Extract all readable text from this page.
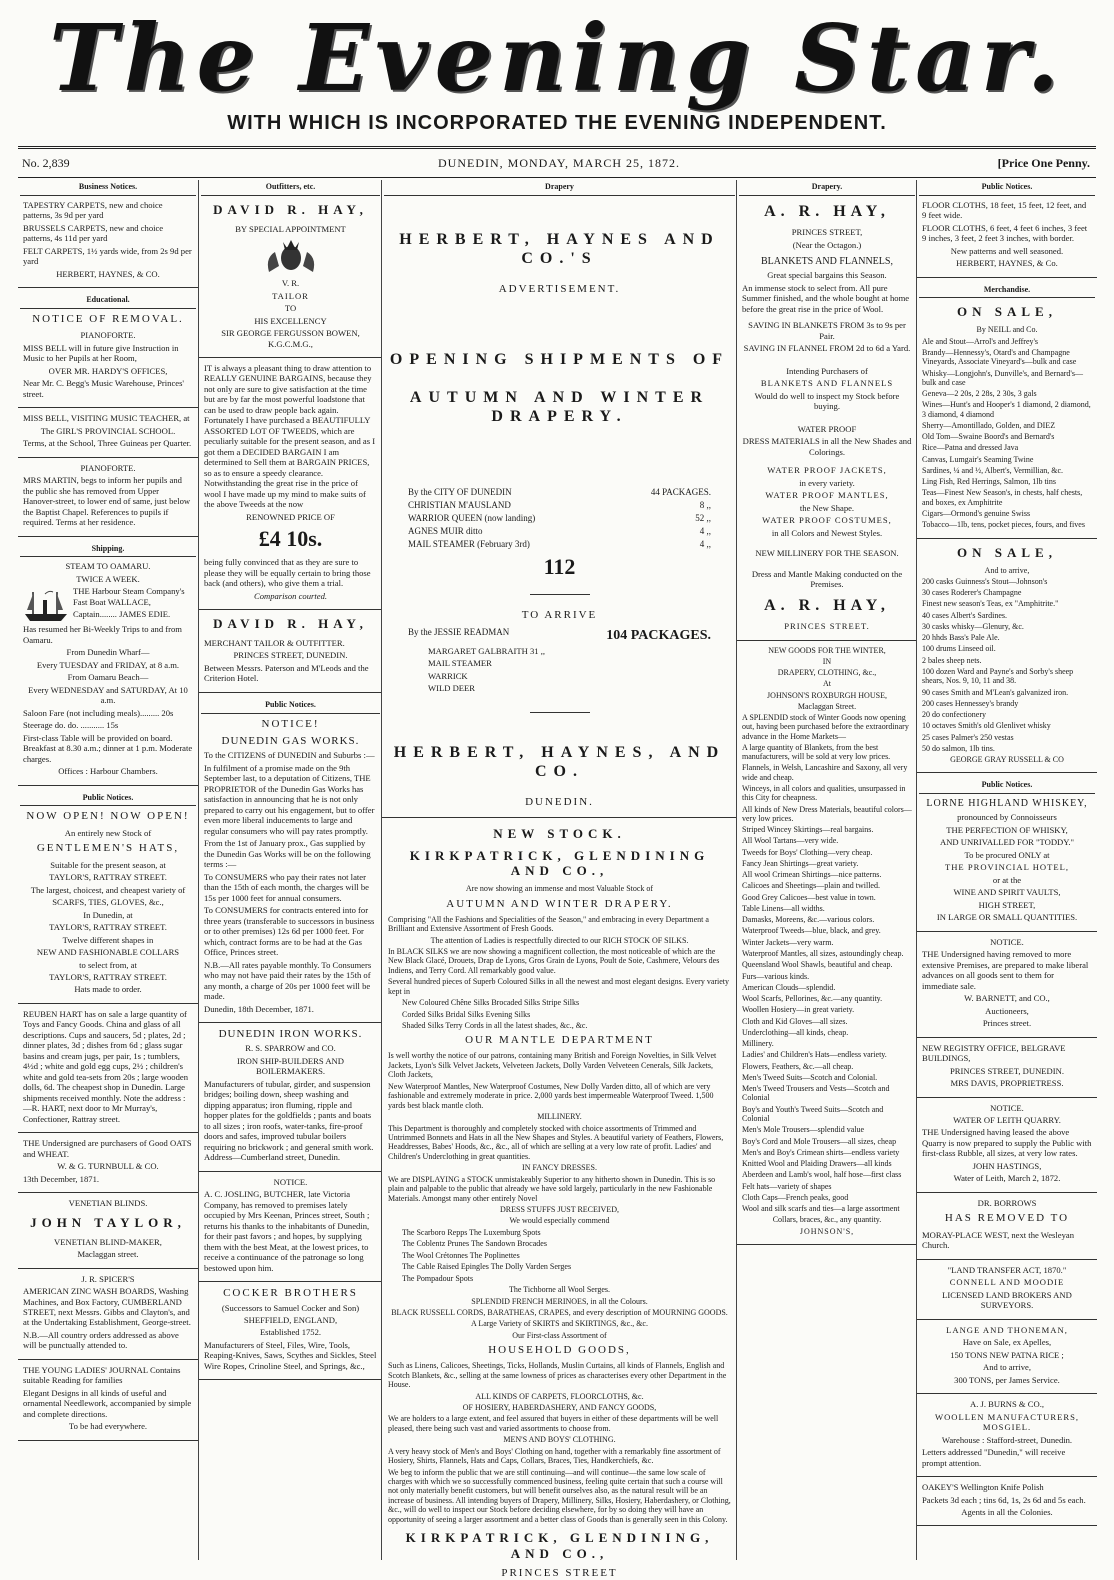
The Evening Star.
WITH WHICH IS INCORPORATED THE EVENING INDEPENDENT.
No. 2,839	DUNEDIN, MONDAY, MARCH 25, 1872.	[Price One Penny.
Business Notices.

TAPESTRY CARPETS, new and choice patterns, 3s 9d per yard

BRUSSELS CARPETS, new and choice patterns, 4s 11d per yard

FELT CARPETS, 1½ yards wide, from 2s 9d per yard

HERBERT, HAYNES, & CO.

Educational.

NOTICE OF REMOVAL.

PIANOFORTE.

MISS BELL will in future give Instruction in Music to her Pupils at her Room,

OVER MR. HARDY'S OFFICES,

Near Mr. C. Begg's Music Warehouse, Princes' street.

MISS BELL, VISITING MUSIC TEACHER, at

The GIRL'S PROVINCIAL SCHOOL.

Terms, at the School, Three Guineas per Quarter.

PIANOFORTE.

MRS MARTIN, begs to inform her pupils and the public she has removed from Upper Hanover-street, to lower end of same, just below the Baptist Chapel. References to pupils if required. Terms at her residence.

Shipping.

STEAM TO OAMARU.

TWICE A WEEK.

THE Harbour Steam Company's Fast Boat WALLACE,

Captain........ JAMES EDIE.

Has resumed her Bi-Weekly Trips to and from Oamaru.

From Dunedin Wharf—

Every TUESDAY and FRIDAY, at 8 a.m.

From Oamaru Beach—

Every WEDNESDAY and SATURDAY, At 10 a.m.

Saloon Fare (not including meals)......... 20s

Steerage do. do. ........... 15s

First-class Table will be provided on board. Breakfast at 8.30 a.m.; dinner at 1 p.m. Moderate charges.

Offices : Harbour Chambers.

Public Notices.

NOW OPEN! NOW OPEN!

An entirely new Stock of

GENTLEMEN'S HATS,

Suitable for the present season, at

TAYLOR'S, RATTRAY STREET.

The largest, choicest, and cheapest variety of

SCARFS, TIES, GLOVES, &c.,

In Dunedin, at

TAYLOR'S, RATTRAY STREET.

Twelve different shapes in

NEW AND FASHIONABLE COLLARS

to select from, at

TAYLOR'S, RATTRAY STREET.

Hats made to order.

REUBEN HART has on sale a large quantity of Toys and Fancy Goods. China and glass of all descriptions. Cups and saucers, 5d ; plates, 2d ; dinner plates, 3d ; dishes from 6d ; glass sugar basins and cream jugs, per pair, 1s ; tumblers, 4½d ; white and gold egg cups, 2½ ; children's white and gold tea-sets from 20s ; large wooden dolls, 6d. The cheapest shop in Dunedin. Large shipments received monthly. Note the address :—R. HART, next door to Mr Murray's, Confectioner, Rattray street.

THE Undersigned are purchasers of Good OATS and WHEAT.

W. & G. TURNBULL & CO.

13th December, 1871.

VENETIAN BLINDS.

JOHN TAYLOR,

VENETIAN BLIND-MAKER,

Maclaggan street.

J. R. SPICER'S

AMERICAN ZINC WASH BOARDS, Washing Machines, and Box Factory, CUMBERLAND STREET, next Messrs. Gibbs and Clayton's, and at the Undertaking Establishment, George-street.

N.B.—All country orders addressed as above will be punctually attended to.

THE YOUNG LADIES' JOURNAL Contains suitable Reading for families

Elegant Designs in all kinds of useful and ornamental Needlework, accompanied by simple and complete directions.

To be had everywhere.

Outfitters, etc.

DAVID R. HAY,

BY SPECIAL APPOINTMENT

V. R.

TAILOR

TO

HIS EXCELLENCY

SIR GEORGE FERGUSSON BOWEN, K.G.C.M.G.,

IT is always a pleasant thing to draw attention to REALLY GENUINE BARGAINS, because they not only are sure to give satisfaction at the time but are by far the most powerful loadstone that can be used to draw people back again. Fortunately I have purchased a BEAUTIFULLY ASSORTED LOT OF TWEEDS, which are peculiarly suitable for the present season, and as I got them a DECIDED BARGAIN I am determined to Sell them at BARGAIN PRICES, so as to ensure a speedy clearance. Notwithstanding the great rise in the price of wool I have made up my mind to make suits of the above Tweeds at the now

RENOWNED PRICE OF

£4 10s.

being fully convinced that as they are sure to please they will be equally certain to bring those back (and others), who give them a trial.

Comparison courted.

DAVID R. HAY,

MERCHANT TAILOR & OUTFITTER.

PRINCES STREET, DUNEDIN.

Between Messrs. Paterson and M'Leods and the Criterion Hotel.

Public Notices.

NOTICE!

DUNEDIN GAS WORKS.

To the CITIZENS of DUNEDIN and Suburbs :—

In fulfilment of a promise made on the 9th September last, to a deputation of Citizens, THE PROPRIETOR of the Dunedin Gas Works has satisfaction in announcing that he is not only prepared to carry out his engagement, but to offer even more liberal inducements to large and regular consumers who will pay rates promptly.

From the 1st of January prox., Gas supplied by the Dunedin Gas Works will be on the following terms :—

To CONSUMERS who pay their rates not later than the 15th of each month, the charges will be 15s per 1000 feet for annual consumers.

To CONSUMERS for contracts entered into for three years (transferable to successors in business or to other premises) 12s 6d per 1000 feet. For which, contract forms are to be had at the Gas Office, Princes street.

N.B.—All rates payable monthly. To Consumers who may not have paid their rates by the 15th of any month, a charge of 20s per 1000 feet will be made.

Dunedin, 18th December, 1871.

DUNEDIN IRON WORKS.

R. S. SPARROW and CO.

IRON SHIP-BUILDERS AND BOILERMAKERS.

Manufacturers of tubular, girder, and suspension bridges; boiling down, sheep washing and dipping apparatus; iron fluming, ripple and hopper plates for the goldfields ; pants and boats to all sizes ; iron roofs, water-tanks, fire-proof doors and safes, improved tubular boilers requiring no brickwork ; and general smith work. Address—Cumberland street, Dunedin.

NOTICE.

A. C. JOSLING, BUTCHER, late Victoria Company, has removed to premises lately occupied by Mrs Keenan, Princes street, South ; returns his thanks to the inhabitants of Dunedin, for their past favors ; and hopes, by supplying them with the best Meat, at the lowest prices, to receive a continuance of the patronage so long bestowed upon him.

COCKER BROTHERS

(Successors to Samuel Cocker and Son)

SHEFFIELD, ENGLAND,

Established 1752.

Manufacturers of Steel, Files, Wire, Tools, Reaping-Knives, Saws, Scythes and Sickles, Steel Wire Ropes, Crinoline Steel, and Springs, &c.,

Drapery

HERBERT, HAYNES AND CO.'S

ADVERTISEMENT.

OPENING SHIPMENTS OF

AUTUMN AND WINTER DRAPERY.

By the CITY OF DUNEDIN	44 PACKAGES.
CHRISTIAN M'AUSLAND	8 ,,
WARRIOR QUEEN (now landing)	52 ,,
AGNES MUIR ditto	4 ,,
MAIL STEAMER (February 3rd)	4 ,,

112

TO ARRIVE

By the JESSIE READMAN	104 PACKAGES.

MARGARET GALBRAITH 31 ,,

MAIL STEAMER

WARRICK

WILD DEER

HERBERT, HAYNES, AND CO.

DUNEDIN.

NEW STOCK.

KIRKPATRICK, GLENDINING AND CO.,

Are now showing an immense and most Valuable Stock of

AUTUMN AND WINTER DRAPERY.

Comprising "All the Fashions and Specialities of the Season," and embracing in every Department a Brilliant and Extensive Assortment of Fresh Goods.

The attention of Ladies is respectfully directed to our RICH STOCK OF SILKS.

In BLACK SILKS we are now showing a magnificent collection, the most noticeable of which are the New Black Glacé, Drouets, Drap de Lyons, Gros Grain de Lyons, Poult de Soie, Cashmere, Velours des Indiens, and Terry Cord. All remarkably good value.

Several hundred pieces of Superb Coloured Silks in all the newest and most elegant designs. Every variety kept in

New Coloured Chêne Silks Brocaded Silks Stripe Silks

Corded Silks Bridal Silks Evening Silks

Shaded Silks Terry Cords in all the latest shades, &c., &c.

OUR MANTLE DEPARTMENT

Is well worthy the notice of our patrons, containing many British and Foreign Novelties, in Silk Velvet Jackets, Lyon's Silk Velvet Jackets, Velveteen Jackets, Dolly Varden Velveteen Cenerals, Silk Jackets, Cloth Jackets,

New Waterproof Mantles, New Waterproof Costumes, New Dolly Varden ditto, all of which are very fashionable and extremely moderate in price. 2,000 yards best impermeable Waterproof Tweed. 1,500 yards best black mantle cloth.

MILLINERY.

This Department is thoroughly and completely stocked with choice assortments of Trimmed and Untrimmed Bonnets and Hats in all the New Shapes and Styles. A beautiful variety of Feathers, Flowers, Headdresses, Babes' Hoods, &c., &c., all of which are selling at a very low rate of profit. Ladies' and Children's Underclothing in great quantities.

IN FANCY DRESSES.

We are DISPLAYING a STOCK unmistakeably Superior to any hitherto shown in Dunedin. This is so plain and palpable to the public that already we have sold largely, particularly in the new Fashionable Materials. Amongst many other entirely Novel

DRESS STUFFS JUST RECEIVED,

We would especially commend

The Scarboro Repps The Luxemburg Spots

The Coblentz Prunes The Sandown Brocades

The Wool Crétonnes The Poplinettes

The Cable Raised Epingles The Dolly Varden Serges

The Pompadour Spots

The Tichborne all Wool Serges.

SPLENDID FRENCH MERINOES, in all the Colours.

BLACK RUSSELL CORDS, BARATHEAS, CRAPES, and every description of MOURNING GOODS.

A Large Variety of SKIRTS and SKIRTINGS, &c., &c.

Our First-class Assortment of

HOUSEHOLD GOODS,

Such as Linens, Calicoes, Sheetings, Ticks, Hollands, Muslin Curtains, all kinds of Flannels, English and Scotch Blankets, &c., selling at the same lowness of prices as characterises every other Department in the House.

ALL KINDS OF CARPETS, FLOORCLOTHS, &c.

OF HOSIERY, HABERDASHERY, AND FANCY GOODS,

We are holders to a large extent, and feel assured that buyers in either of these departments will be well pleased, there being such vast and varied assortments to choose from.

MEN'S AND BOYS' CLOTHING.

A very heavy stock of Men's and Boys' Clothing on hand, together with a remarkably fine assortment of Hosiery, Shirts, Flannels, Hats and Caps, Collars, Braces, Ties, Handkerchiefs, &c.

We beg to inform the public that we are still continuing—and will continue—the same low scale of charges with which we so successfully commenced business, feeling quite certain that such a course will not only materially benefit customers, but will benefit ourselves also, as the natural result will be an increase of business. All intending buyers of Drapery, Millinery, Silks, Hosiery, Haberdashery, or Clothing, &c., will do well to inspect our Stock before deciding elsewhere, for by so doing they will have an opportunity of seeing a larger assortment and a better class of Goods than is generally seen in this Colony.

KIRKPATRICK, GLENDINING, AND CO.,

PRINCES STREET

Drapery.

A. R. HAY,

PRINCES STREET,

(Near the Octagon.)

BLANKETS AND FLANNELS,

Great special bargains this Season.

An immense stock to select from. All pure Summer finished, and the whole bought at home before the great rise in the price of Wool.

SAVING IN BLANKETS FROM 3s to 9s per Pair.

SAVING IN FLANNEL FROM 2d to 6d a Yard.

Intending Purchasers of

BLANKETS AND FLANNELS

Would do well to inspect my Stock before buying.

WATER PROOF

DRESS MATERIALS in all the New Shades and Colorings.

WATER PROOF JACKETS,

in every variety.

WATER PROOF MANTLES,

the New Shape.

WATER PROOF COSTUMES,

in all Colors and Newest Styles.

NEW MILLINERY FOR THE SEASON.

Dress and Mantle Making conducted on the Premises.

A. R. HAY,

PRINCES STREET.

NEW GOODS FOR THE WINTER,

IN

DRAPERY, CLOTHING, &c.,

At

JOHNSON'S ROXBURGH HOUSE,

Maclaggan Street.

A SPLENDID stock of Winter Goods now opening out, having been purchased before the extraordinary advance in the Home Markets—

A large quantity of Blankets, from the best manufacturers, will be sold at very low prices.

Flannels, in Welsh, Lancashire and Saxony, all very wide and cheap.

Winceys, in all colors and qualities, unsurpassed in this City for cheapness.

All kinds of New Dress Materials, beautiful colors—very low prices.

Striped Wincey Skirtings—real bargains.

All Wool Tartans—very wide.

Tweeds for Boys' Clothing—very cheap.

Fancy Jean Shirtings—great variety.

All wool Crimean Shirtings—nice patterns.

Calicoes and Sheetings—plain and twilled.

Good Grey Calicoes—best value in town.

Table Linens—all widths.

Damasks, Moreens, &c.—various colors.

Waterproof Tweeds—blue, black, and grey.

Winter Jackets—very warm.

Waterproof Mantles, all sizes, astoundingly cheap.

Queensland Wool Shawls, beautiful and cheap.

Furs—various kinds.

American Clouds—splendid.

Wool Scarfs, Pellorines, &c.—any quantity.

Woollen Hosiery—in great variety.

Cloth and Kid Gloves—all sizes.

Underclothing—all kinds, cheap.

Millinery.

Ladies' and Children's Hats—endless variety.

Flowers, Feathers, &c.—all cheap.

Men's Tweed Suits—Scotch and Colonial.

Men's Tweed Trousers and Vests—Scotch and Colonial

Boy's and Youth's Tweed Suits—Scotch and Colonial

Men's Mole Trousers—splendid value

Boy's Cord and Mole Trousers—all sizes, cheap

Men's and Boy's Crimean shirts—endless variety

Knitted Wool and Plaiding Drawers—all kinds

Aberdeen and Lamb's wool, half hose—first class

Felt hats—variety of shapes

Cloth Caps—French peaks, good

Wool and silk scarfs and ties—a large assortment

Collars, braces, &c., any quantity.

JOHNSON'S,

Public Notices.

FLOOR CLOTHS, 18 feet, 15 feet, 12 feet, and 9 feet wide.

FLOOR CLOTHS, 6 feet, 4 feet 6 inches, 3 feet 9 inches, 3 feet, 2 feet 3 inches, with border.

New patterns and well seasoned.

HERBERT, HAYNES, & Co.

Merchandise.

ON SALE,

By NEILL and Co.

Ale and Stout—Arrol's and Jeffrey's

Brandy—Hennessy's, Otard's and Champagne Vineyards, Associate Vineyard's—bulk and case

Whisky—Longjohn's, Dunville's, and Bernard's—bulk and case

Geneva—2 20s, 2 28s, 2 30s, 3 gals

Wines—Hunt's and Hooper's 1 diamond, 2 diamond, 3 diamond, 4 diamond

Sherry—Amontillado, Golden, and DIEZ

Old Tom—Swaine Boord's and Bernard's

Rice—Patna and dressed Java

Canvas, Lumgair's Seaming Twine

Sardines, ¼ and ½, Albert's, Vermillian, &c.

Ling Fish, Red Herrings, Salmon, 1lb tins

Teas—Finest New Season's, in chests, half chests, and boxes, ex Amphitrite

Cigars—Ormond's genuine Swiss

Tobacco—1lb, tens, pocket pieces, fours, and fives

ON SALE,

And to arrive,

200 casks Guinness's Stout—Johnson's

30 cases Roderer's Champagne

Finest new season's Teas, ex "Amphitrite."

40 cases Albert's Sardines.

30 casks whisky—Glenury, &c.

20 hhds Bass's Pale Ale.

100 drums Linseed oil.

2 bales sheep nets.

100 dozen Ward and Payne's and Sorby's sheep shears, Nos. 9, 10, 11 and 38.

90 cases Smith and M'Lean's galvanized iron.

200 cases Hennessey's brandy

20 do confectionery

10 octaves Smith's old Glenlivet whisky

25 cases Palmer's 250 vestas

50 do salmon, 1lb tins.

GEORGE GRAY RUSSELL & CO

Public Notices.

LORNE HIGHLAND WHISKEY,

pronounced by Connoisseurs

THE PERFECTION OF WHISKY,

AND UNRIVALLED FOR "TODDY."

To be procured ONLY at

THE PROVINCIAL HOTEL,

or at the

WINE AND SPIRIT VAULTS,

HIGH STREET,

IN LARGE OR SMALL QUANTITIES.

NOTICE.

THE Undersigned having removed to more extensive Premises, are prepared to make liberal advances on all goods sent to them for immediate sale.

W. BARNETT, and CO.,

Auctioneers,

Princes street.

NEW REGISTRY OFFICE, BELGRAVE BUILDINGS,

PRINCES STREET, DUNEDIN.

MRS DAVIS, PROPRIETRESS.

NOTICE.

WATER OF LEITH QUARRY.

THE Undersigned having leased the above Quarry is now prepared to supply the Public with first-class Rubble, all sizes, at very low rates.

JOHN HASTINGS,

Water of Leith, March 2, 1872.

DR. BORROWS

HAS REMOVED TO

MORAY-PLACE WEST, next the Wesleyan Church.

"LAND TRANSFER ACT, 1870."

CONNELL AND MOODIE

LICENSED LAND BROKERS AND SURVEYORS.

LANGE AND THONEMAN,

Have on Sale, ex Apelles,

150 TONS NEW PATNA RICE ;

And to arrive,

300 TONS, per James Service.

A. J. BURNS & CO.,

WOOLLEN MANUFACTURERS, MOSGIEL.

Warehouse : Stafford-street, Dunedin.

Letters addressed "Dunedin," will receive prompt attention.

OAKEY'S Wellington Knife Polish

Packets 3d each ; tins 6d, 1s, 2s 6d and 5s each.

Agents in all the Colonies.
